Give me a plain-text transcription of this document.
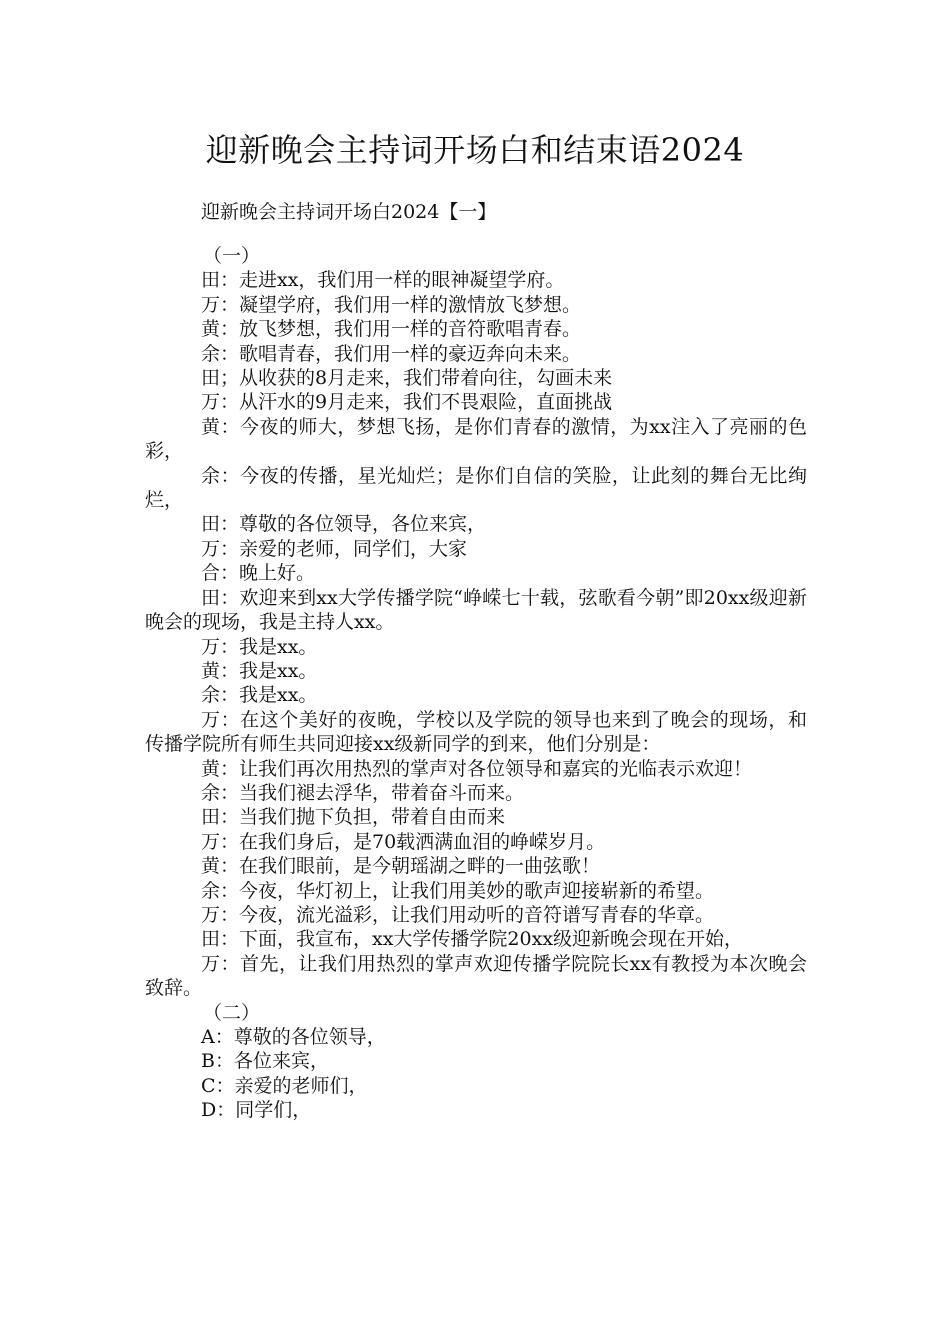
迎新晚会主持词开场白和结束语2024
迎新晚会主持词开场白2024【一】

（一）

田：走进xx，我们用一样的眼神凝望学府。

万：凝望学府，我们用一样的激情放飞梦想。

黄：放飞梦想，我们用一样的音符歌唱青春。

余：歌唱青春，我们用一样的豪迈奔向未来。

田；从收获的8月走来，我们带着向往，勾画未来

万：从汗水的9月走来，我们不畏艰险，直面挑战

黄：今夜的师大，梦想飞扬，是你们青春的激情，为xx注入了亮丽的色彩，

余：今夜的传播，星光灿烂；是你们自信的笑脸，让此刻的舞台无比绚烂，

田：尊敬的各位领导，各位来宾，

万：亲爱的老师，同学们，大家

合：晚上好。

田：欢迎来到xx大学传播学院“峥嵘七十载，弦歌看今朝”即20xx级迎新晚会的现场，我是主持人xx。

万：我是xx。

黄：我是xx。

余：我是xx。

万：在这个美好的夜晚，学校以及学院的领导也来到了晚会的现场，和传播学院所有师生共同迎接xx级新同学的到来，他们分别是：

黄：让我们再次用热烈的掌声对各位领导和嘉宾的光临表示欢迎！

余：当我们褪去浮华，带着奋斗而来。

田：当我们抛下负担，带着自由而来

万：在我们身后，是70载洒满血泪的峥嵘岁月。

黄：在我们眼前，是今朝瑶湖之畔的一曲弦歌！

余：今夜，华灯初上，让我们用美妙的歌声迎接崭新的希望。

万：今夜，流光溢彩，让我们用动听的音符谱写青春的华章。

田：下面，我宣布，xx大学传播学院20xx级迎新晚会现在开始，

万：首先，让我们用热烈的掌声欢迎传播学院院长xx有教授为本次晚会致辞。

（二）

A：尊敬的各位领导，

B：各位来宾，

C：亲爱的老师们，

D：同学们，
